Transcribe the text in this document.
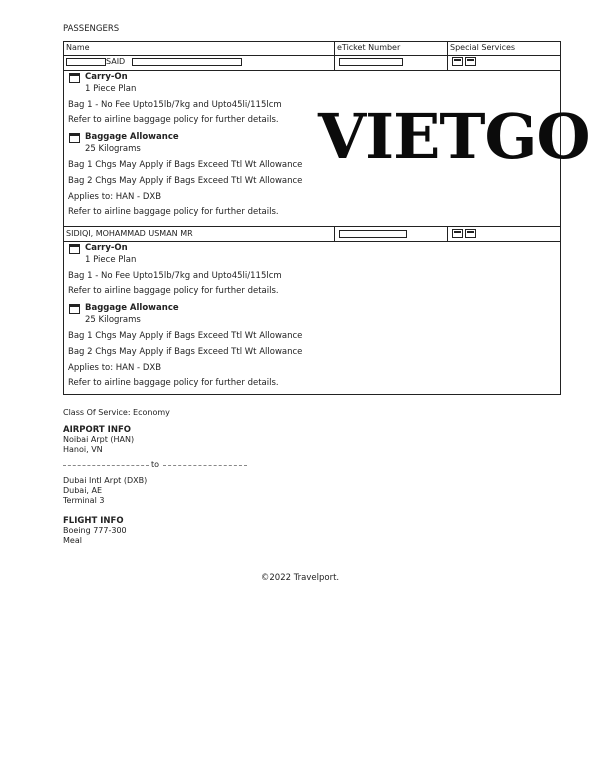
PASSENGERS
Name	eTicket Number	Special Services
SAID
Carry-On
1 Piece Plan
Bag 1 - No Fee Upto15lb/7kg and Upto45li/115lcm
Refer to airline baggage policy for further details.
Baggage Allowance
25 Kilograms
Bag 1 Chgs May Apply if Bags Exceed Ttl Wt Allowance
Bag 2 Chgs May Apply if Bags Exceed Ttl Wt Allowance
Applies to: HAN - DXB
Refer to airline baggage policy for further details.
SIDIQI, MOHAMMAD USMAN MR
Carry-On
1 Piece Plan
Bag 1 - No Fee Upto15lb/7kg and Upto45li/115lcm
Refer to airline baggage policy for further details.
Baggage Allowance
25 Kilograms
Bag 1 Chgs May Apply if Bags Exceed Ttl Wt Allowance
Bag 2 Chgs May Apply if Bags Exceed Ttl Wt Allowance
Applies to: HAN - DXB
Refer to airline baggage policy for further details.
VIETGO
Class Of Service: Economy
AIRPORT INFO
Noibai Arpt (HAN)
Hanoi, VN
to
Dubai Intl Arpt (DXB)
Dubai, AE
Terminal 3
FLIGHT INFO
Boeing 777-300
Meal
©2022 Travelport.
